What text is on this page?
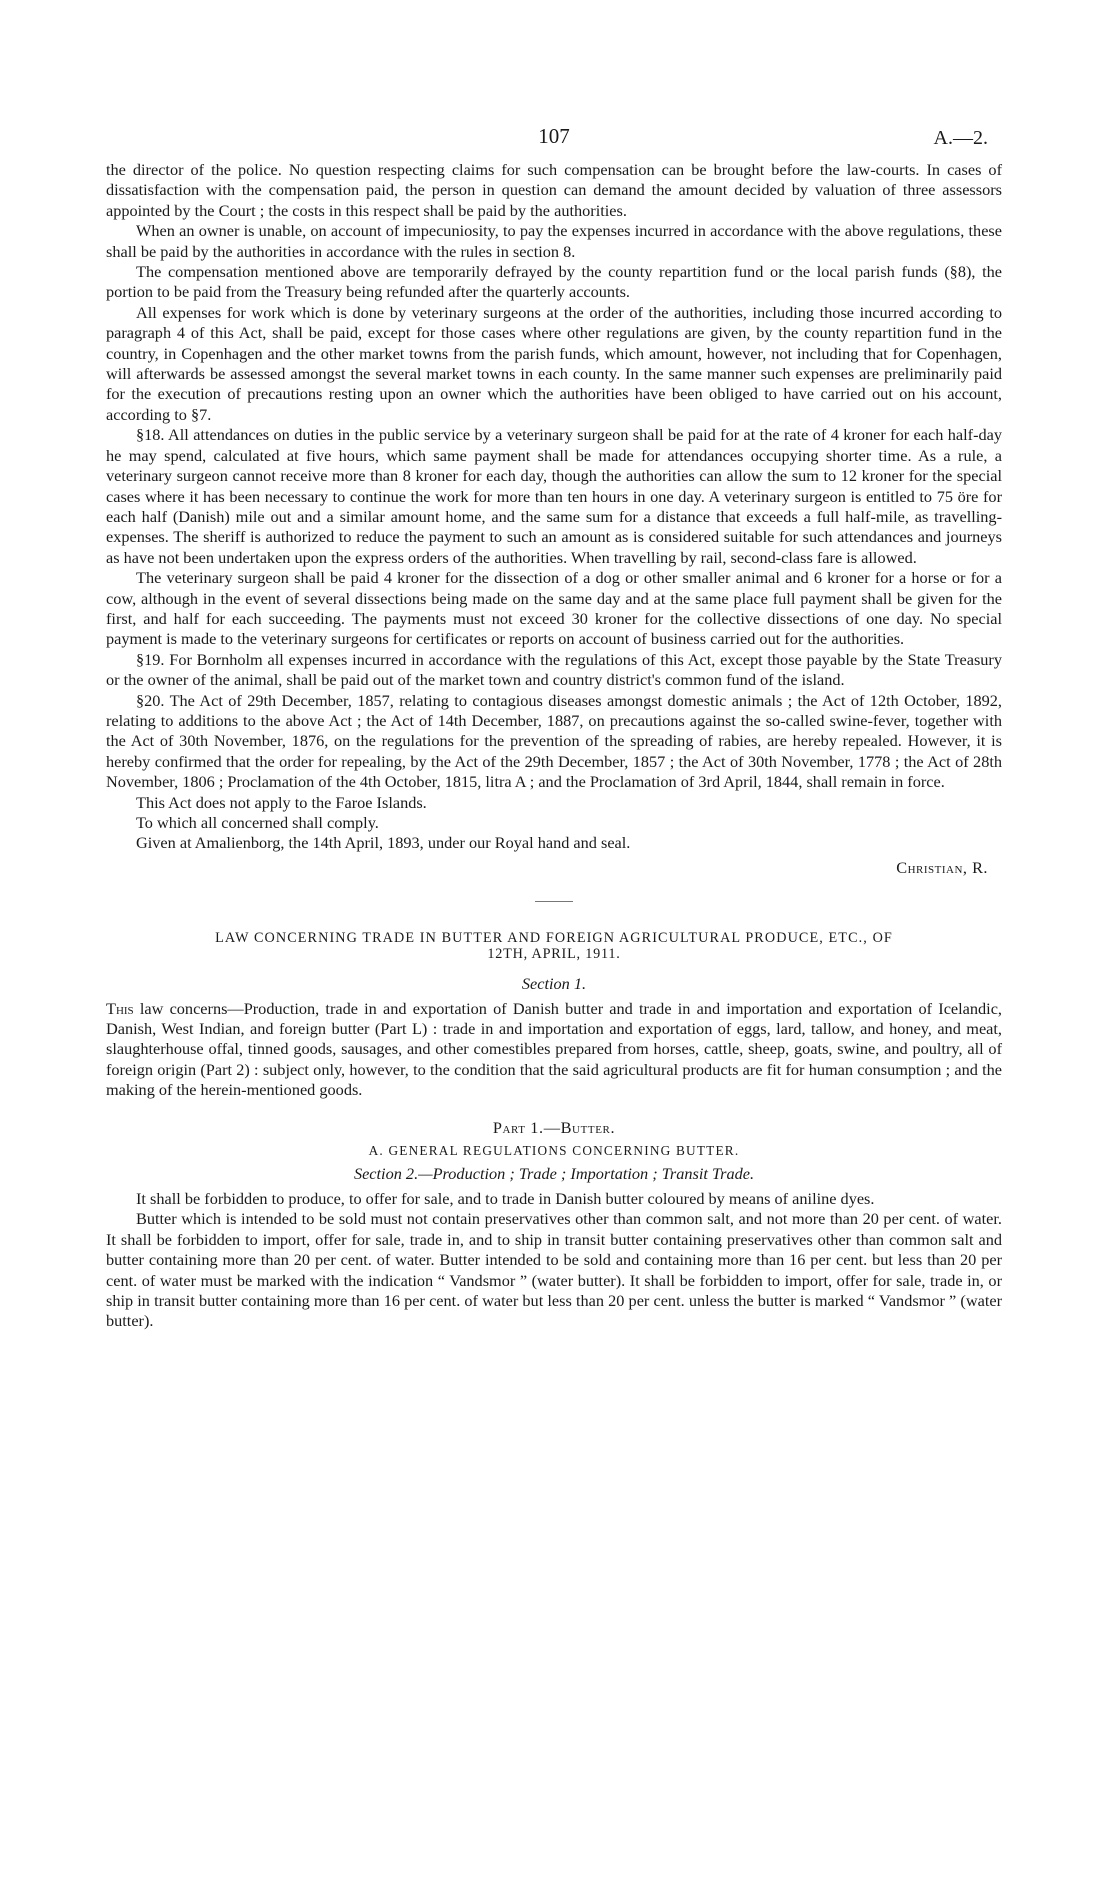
107	A.—2.

the director of the police. No question respecting claims for such compensation can be brought before the law-courts. In cases of dissatisfaction with the compensation paid, the person in question can demand the amount decided by valuation of three assessors appointed by the Court ; the costs in this respect shall be paid by the authorities.

When an owner is unable, on account of impecuniosity, to pay the expenses incurred in accordance with the above regulations, these shall be paid by the authorities in accordance with the rules in section 8.

The compensation mentioned above are temporarily defrayed by the county repartition fund or the local parish funds (§8), the portion to be paid from the Treasury being refunded after the quarterly accounts.

All expenses for work which is done by veterinary surgeons at the order of the authorities, including those incurred according to paragraph 4 of this Act, shall be paid, except for those cases where other regulations are given, by the county repartition fund in the country, in Copenhagen and the other market towns from the parish funds, which amount, however, not including that for Copenhagen, will afterwards be assessed amongst the several market towns in each county. In the same manner such expenses are preliminarily paid for the execution of precautions resting upon an owner which the authorities have been obliged to have carried out on his account, according to §7.

§18. All attendances on duties in the public service by a veterinary surgeon shall be paid for at the rate of 4 kroner for each half-day he may spend, calculated at five hours, which same payment shall be made for attendances occupying shorter time. As a rule, a veterinary surgeon cannot receive more than 8 kroner for each day, though the authorities can allow the sum to 12 kroner for the special cases where it has been necessary to continue the work for more than ten hours in one day. A veterinary surgeon is entitled to 75 öre for each half (Danish) mile out and a similar amount home, and the same sum for a distance that exceeds a full half-mile, as travelling-expenses. The sheriff is authorized to reduce the payment to such an amount as is considered suitable for such attendances and journeys as have not been undertaken upon the express orders of the authorities. When travelling by rail, second-class fare is allowed.

The veterinary surgeon shall be paid 4 kroner for the dissection of a dog or other smaller animal and 6 kroner for a horse or for a cow, although in the event of several dissections being made on the same day and at the same place full payment shall be given for the first, and half for each succeeding. The payments must not exceed 30 kroner for the collective dissections of one day. No special payment is made to the veterinary surgeons for certificates or reports on account of business carried out for the authorities.

§19. For Bornholm all expenses incurred in accordance with the regulations of this Act, except those payable by the State Treasury or the owner of the animal, shall be paid out of the market town and country district's common fund of the island.

§20. The Act of 29th December, 1857, relating to contagious diseases amongst domestic animals ; the Act of 12th October, 1892, relating to additions to the above Act ; the Act of 14th December, 1887, on precautions against the so-called swine-fever, together with the Act of 30th November, 1876, on the regulations for the prevention of the spreading of rabies, are hereby repealed. However, it is hereby confirmed that the order for repealing, by the Act of the 29th December, 1857 ; the Act of 30th November, 1778 ; the Act of 28th November, 1806 ; Proclamation of the 4th October, 1815, litra A ; and the Proclamation of 3rd April, 1844, shall remain in force.

This Act does not apply to the Faroe Islands.

To which all concerned shall comply.

Given at Amalienborg, the 14th April, 1893, under our Royal hand and seal.

Christian, R.

LAW CONCERNING TRADE IN BUTTER AND FOREIGN AGRICULTURAL PRODUCE, ETC., OF
12TH, APRIL, 1911.

Section 1.

This law concerns—Production, trade in and exportation of Danish butter and trade in and importation and exportation of Icelandic, Danish, West Indian, and foreign butter (Part L) : trade in and importation and exportation of eggs, lard, tallow, and honey, and meat, slaughterhouse offal, tinned goods, sausages, and other comestibles prepared from horses, cattle, sheep, goats, swine, and poultry, all of foreign origin (Part 2) : subject only, however, to the condition that the said agricultural products are fit for human consumption ; and the making of the herein-mentioned goods.

Part 1.—Butter.

A. GENERAL REGULATIONS CONCERNING BUTTER.

Section 2.—Production ; Trade ; Importation ; Transit Trade.

It shall be forbidden to produce, to offer for sale, and to trade in Danish butter coloured by means of aniline dyes.

Butter which is intended to be sold must not contain preservatives other than common salt, and not more than 20 per cent. of water. It shall be forbidden to import, offer for sale, trade in, and to ship in transit butter containing preservatives other than common salt and butter containing more than 20 per cent. of water. Butter intended to be sold and containing more than 16 per cent. but less than 20 per cent. of water must be marked with the indication “ Vandsmor ” (water butter). It shall be forbidden to import, offer for sale, trade in, or ship in transit butter containing more than 16 per cent. of water but less than 20 per cent. unless the butter is marked “ Vandsmor ” (water butter).
